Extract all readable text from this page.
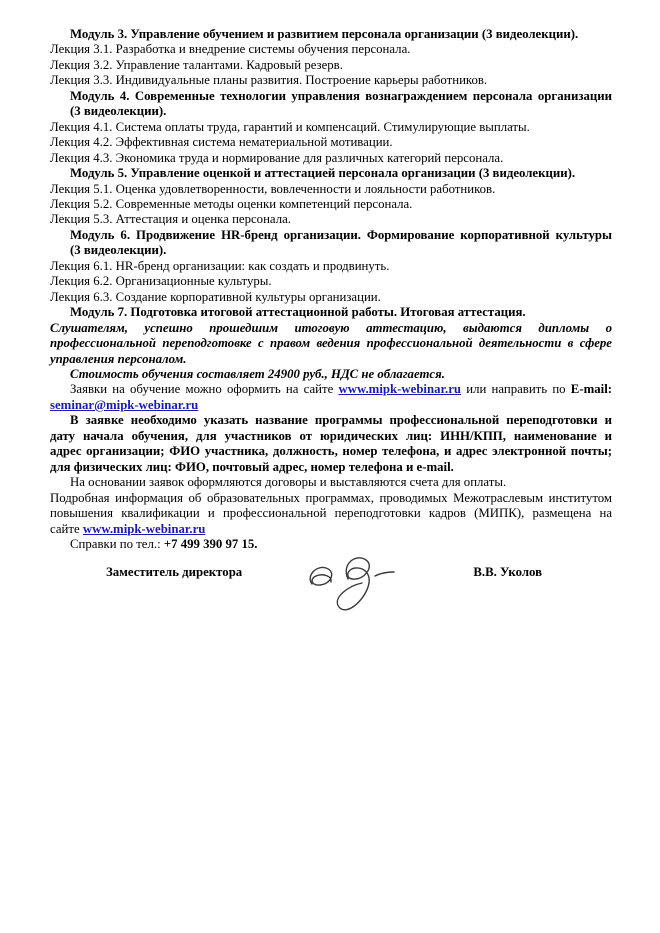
Модуль 3. Управление обучением и развитием персонала организации (3 видеолекции).
Лекция 3.1. Разработка и внедрение системы обучения персонала.
Лекция 3.2. Управление талантами. Кадровый резерв.
Лекция 3.3. Индивидуальные планы развития. Построение карьеры работников.
Модуль 4. Современные технологии управления вознаграждением персонала организации
(3 видеолекции).
Лекция 4.1. Система оплаты труда, гарантий и компенсаций. Стимулирующие выплаты.
Лекция 4.2. Эффективная система нематериальной мотивации.
Лекция 4.3. Экономика труда и нормирование для различных категорий персонала.
Модуль 5. Управление оценкой и аттестацией персонала организации (3 видеолекции).
Лекция 5.1. Оценка удовлетворенности, вовлеченности и лояльности работников.
Лекция 5.2. Современные методы оценки компетенций персонала.
Лекция 5.3. Аттестация и оценка персонала.
Модуль 6. Продвижение HR-бренд организации. Формирование корпоративной культуры
(3 видеолекции).
Лекция 6.1. HR-бренд организации: как создать и продвинуть.
Лекция 6.2. Организационные культуры.
Лекция 6.3. Создание корпоративной культуры организации.
Модуль 7. Подготовка итоговой аттестационной работы. Итоговая аттестация.
Слушателям, успешно прошедшим итоговую аттестацию, выдаются дипломы о
профессиональной переподготовке с правом ведения профессиональной деятельности в сфере
управления персоналом.
Стоимость обучения составляет 24900 руб., НДС не облагается.
Заявки на обучение можно оформить на сайте www.mipk-webinar.ru или направить по E-mail:
seminar@mipk-webinar.ru
В заявке необходимо указать название программы профессиональной переподготовки и
дату начала обучения, для участников от юридических лиц: ИНН/КПП, наименование и
адрес организации; ФИО участника, должность, номер телефона, и адрес электронной почты;
для физических лиц: ФИО, почтовый адрес, номер телефона и e-mail.
На основании заявок оформляются договоры и выставляются счета для оплаты.
Подробная информация об образовательных программах, проводимых Межотраслевым институтом
повышения квалификации и профессиональной переподготовки кадров (МИПК), размещена на
сайте www.mipk-webinar.ru
Справки по тел.: +7 499 390 97 15.
Заместитель директора	В.В. Уколов
